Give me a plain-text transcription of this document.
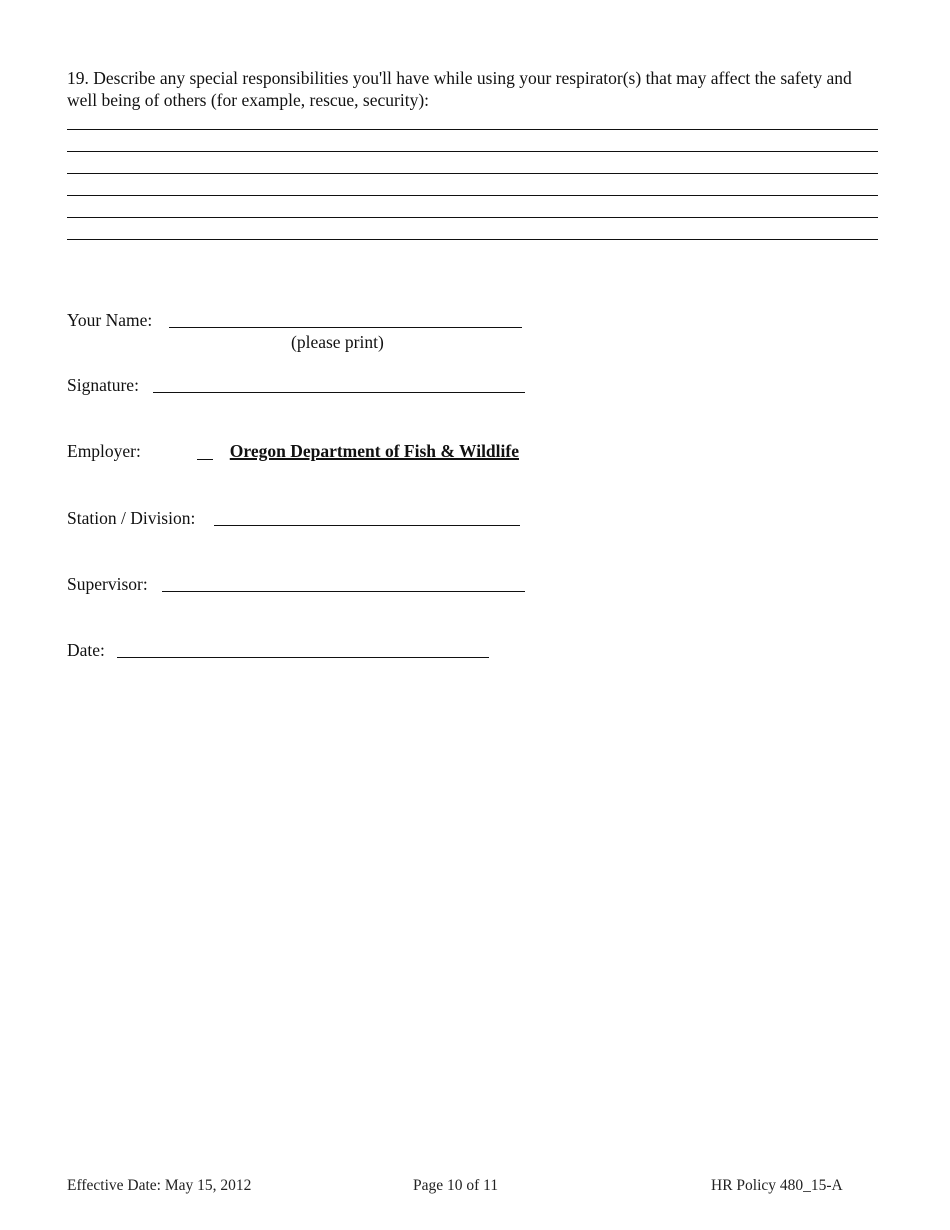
19. Describe any special responsibilities you'll have while using your respirator(s) that may affect the safety and well being of others (for example, rescue, security):
Your Name:
(please print)
Signature:
Employer:	Oregon Department of Fish & Wildlife
Station / Division:
Supervisor:
Date:
Effective Date: May 15, 2012	Page 10 of 11	HR Policy 480_15-A
